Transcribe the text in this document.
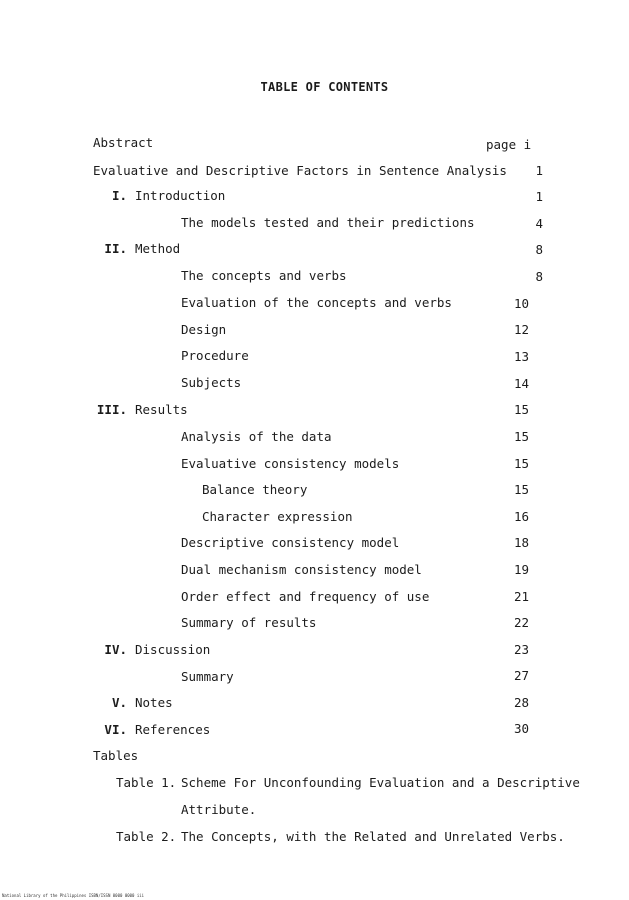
TABLE OF CONTENTS
Abstract	page i
Evaluative and Descriptive Factors in Sentence Analysis	1
I. Introduction	1
The models tested and their predictions	4
II. Method	8
The concepts and verbs	8
Evaluation of the concepts and verbs	10
Design	12
Procedure	13
Subjects	14
III. Results	15
Analysis of the data	15
Evaluative consistency models	15
Balance theory	15
Character expression	16
Descriptive consistency model	18
Dual mechanism consistency model	19
Order effect and frequency of use	21
Summary of results	22
IV. Discussion	23
Summary	27
V. Notes	28
VI. References	30
Tables
Table 1. Scheme For Unconfounding Evaluation and a Descriptive
Attribute.
Table 2. The Concepts, with the Related and Unrelated Verbs.
National Library of the Philippines ISBN/ISSN 0000 0000 iii
